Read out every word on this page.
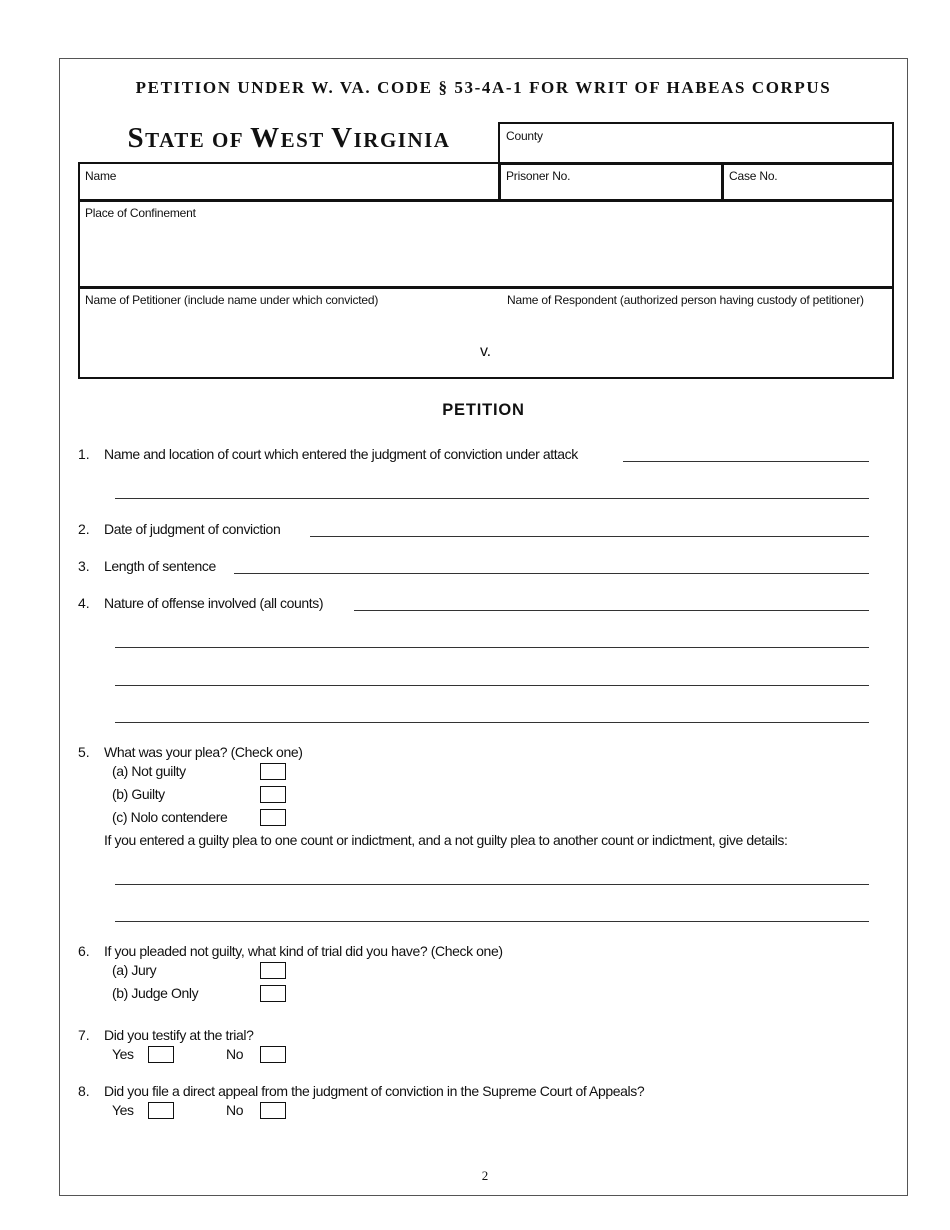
PETITION UNDER W. VA. CODE § 53-4A-1 FOR WRIT OF HABEAS CORPUS
STATE OF WEST VIRGINIA	County
Name	Prisoner No.	Case No.
Place of Confinement
Name of Petitioner (include name under which convicted)	Name of Respondent (authorized person having custody of petitioner)
v.
PETITION
1. Name and location of court which entered the judgment of conviction under attack
2. Date of judgment of conviction
3. Length of sentence
4. Nature of offense involved (all counts)
5. What was your plea? (Check one)
(a) Not guilty
(b) Guilty
(c) Nolo contendere
If you entered a guilty plea to one count or indictment, and a not guilty plea to another count or indictment, give details:
6. If you pleaded not guilty, what kind of trial did you have? (Check one)
(a) Jury
(b) Judge Only
7. Did you testify at the trial?
Yes	No
8. Did you file a direct appeal from the judgment of conviction in the Supreme Court of Appeals?
Yes	No
2
